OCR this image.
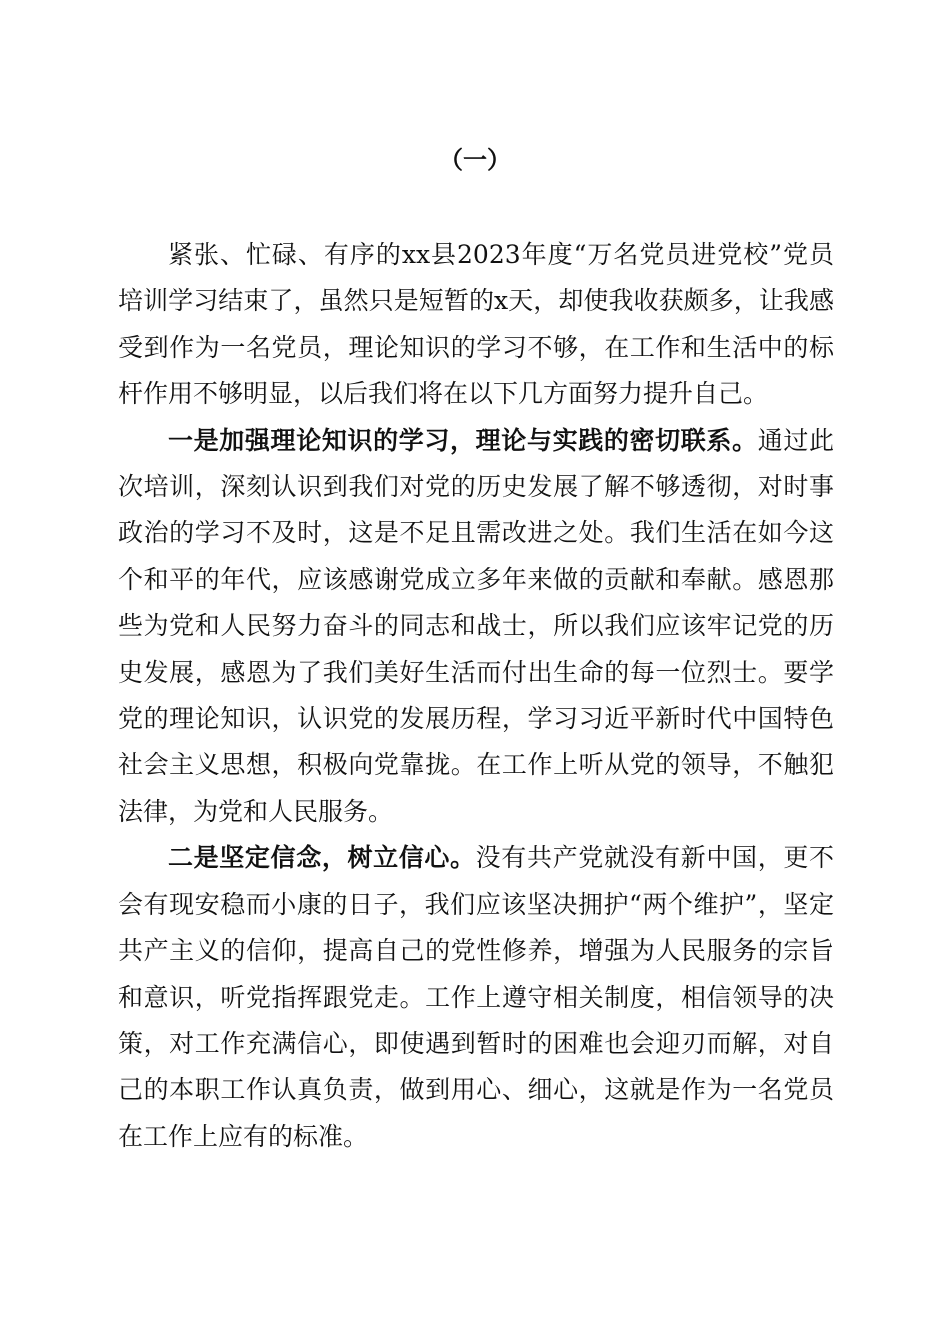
（一）

紧张、忙碌、有序的xx县2023年度“万名党员进党校”党员培训学习结束了，虽然只是短暂的x天，却使我收获颇多，让我感受到作为一名党员，理论知识的学习不够，在工作和生活中的标杆作用不够明显，以后我们将在以下几方面努力提升自己。

一是加强理论知识的学习，理论与实践的密切联系。通过此次培训，深刻认识到我们对党的历史发展了解不够透彻，对时事政治的学习不及时，这是不足且需改进之处。我们生活在如今这个和平的年代，应该感谢党成立多年来做的贡献和奉献。感恩那些为党和人民努力奋斗的同志和战士，所以我们应该牢记党的历史发展，感恩为了我们美好生活而付出生命的每一位烈士。要学党的理论知识，认识党的发展历程，学习习近平新时代中国特色社会主义思想，积极向党靠拢。在工作上听从党的领导，不触犯法律，为党和人民服务。

二是坚定信念，树立信心。没有共产党就没有新中国，更不会有现安稳而小康的日子，我们应该坚决拥护“两个维护”，坚定共产主义的信仰，提高自己的党性修养，增强为人民服务的宗旨和意识，听党指挥跟党走。工作上遵守相关制度，相信领导的决策，对工作充满信心，即使遇到暂时的困难也会迎刃而解，对自己的本职工作认真负责，做到用心、细心，这就是作为一名党员在工作上应有的标准。
